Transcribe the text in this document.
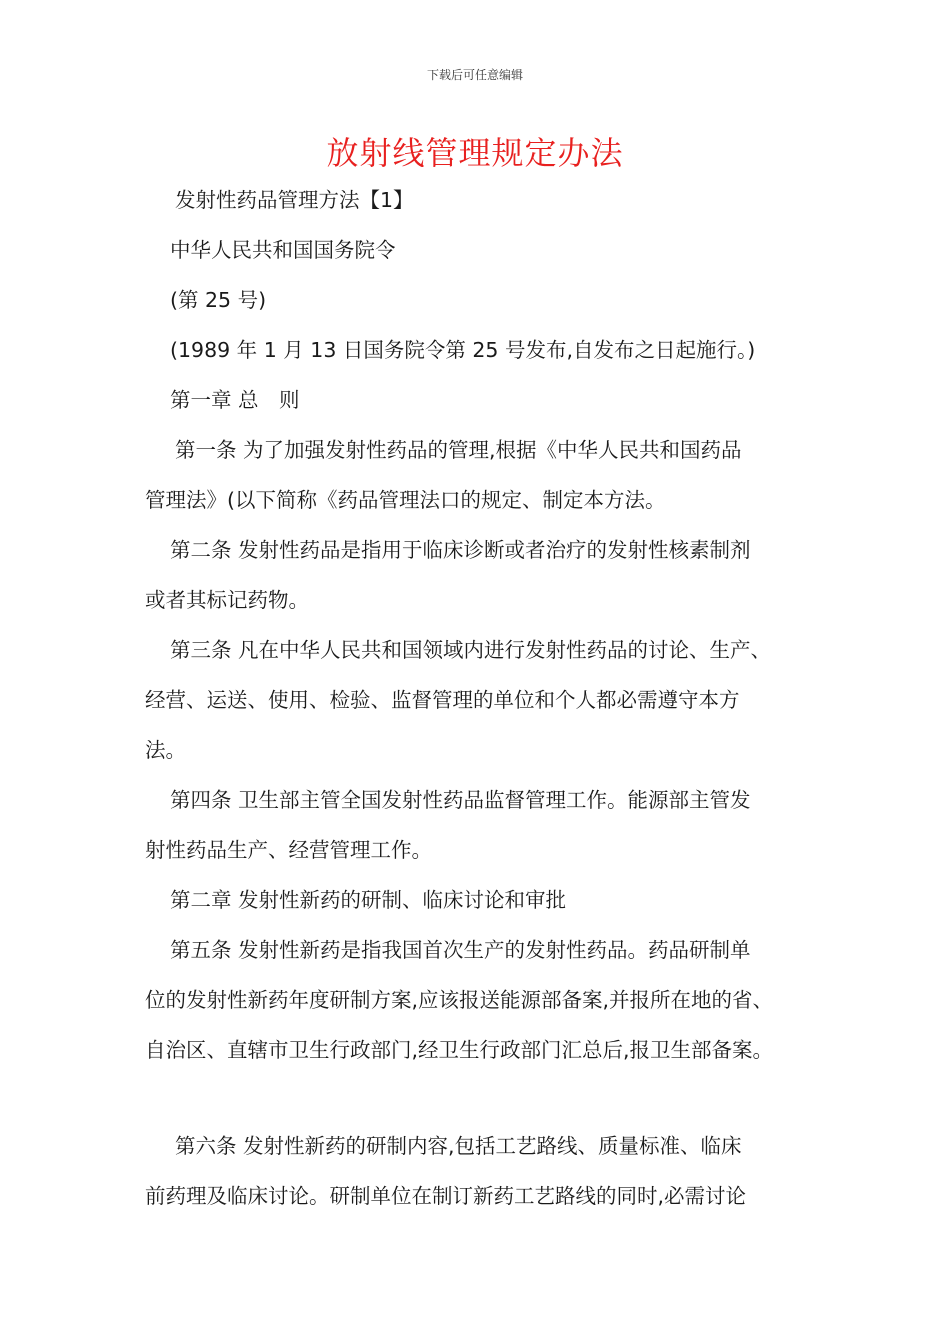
下载后可任意编辑
放射线管理规定办法
发射性药品管理方法【1】
中华人民共和国国务院令
(第 25 号)
(1989 年 1 月 13 日国务院令第 25 号发布,自发布之日起施行。)
第一章 总　则
第一条 为了加强发射性药品的管理,根据《中华人民共和国药品
管理法》(以下简称《药品管理法口的规定、制定本方法。
第二条 发射性药品是指用于临床诊断或者治疗的发射性核素制剂
或者其标记药物。
第三条 凡在中华人民共和国领域内进行发射性药品的讨论、生产、
经营、运送、使用、检验、监督管理的单位和个人都必需遵守本方
法。
第四条 卫生部主管全国发射性药品监督管理工作。能源部主管发
射性药品生产、经营管理工作。
第二章 发射性新药的研制、临床讨论和审批
第五条 发射性新药是指我国首次生产的发射性药品。药品研制单
位的发射性新药年度研制方案,应该报送能源部备案,并报所在地的省、
自治区、直辖市卫生行政部门,经卫生行政部门汇总后,报卫生部备案。
第六条 发射性新药的研制内容,包括工艺路线、质量标准、临床
前药理及临床讨论。研制单位在制订新药工艺路线的同时,必需讨论
